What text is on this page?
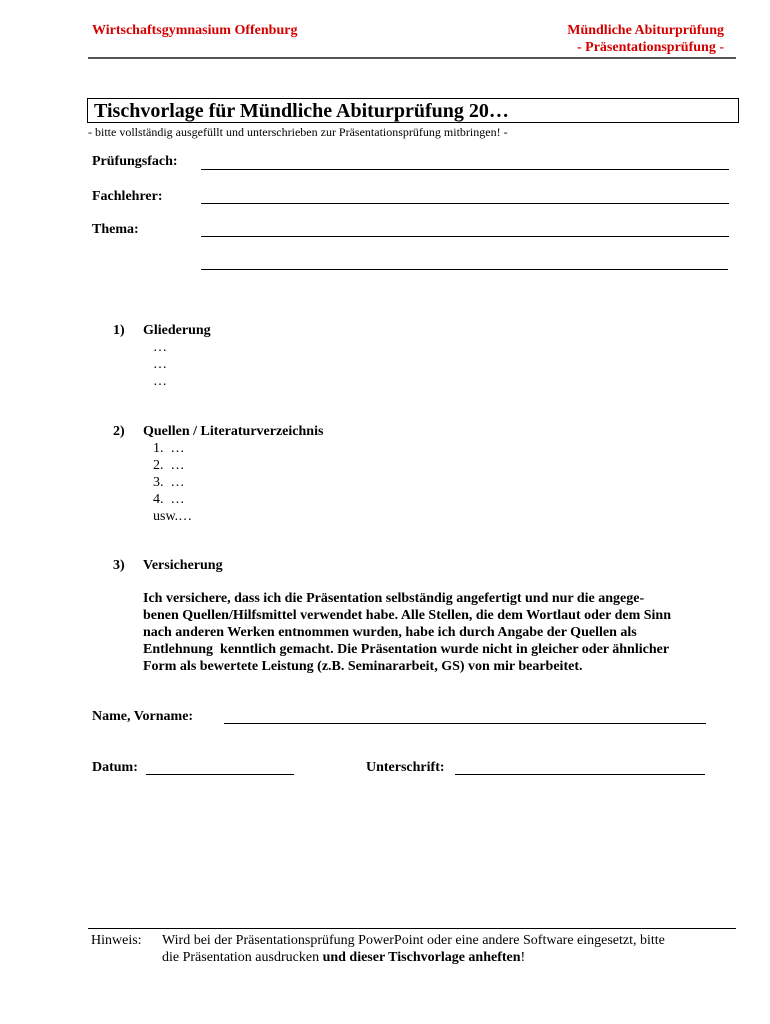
Wirtschaftsgymnasium Offenburg	Mündliche Abiturprüfung
- Präsentationsprüfung -
Tischvorlage für Mündliche Abiturprüfung 20…
- bitte vollständig ausgefüllt und unterschrieben zur Präsentationsprüfung mitbringen! -
Prüfungsfach:
Fachlehrer:
Thema:
1) Gliederung
…
…
…
2) Quellen / Literaturverzeichnis
1.  …
2.  …
3.  …
4.  …
usw.…
3) Versicherung
Ich versichere, dass ich die Präsentation selbständig angefertigt und nur die angege-
benen Quellen/Hilfsmittel verwendet habe. Alle Stellen, die dem Wortlaut oder dem Sinn
nach anderen Werken entnommen wurden, habe ich durch Angabe der Quellen als
Entlehnung  kenntlich gemacht. Die Präsentation wurde nicht in gleicher oder ähnlicher
Form als bewertete Leistung (z.B. Seminararbeit, GS) von mir bearbeitet.
Name, Vorname:
Datum:	Unterschrift:
Hinweis: Wird bei der Präsentationsprüfung PowerPoint oder eine andere Software eingesetzt, bitte
die Präsentation ausdrucken und dieser Tischvorlage anheften!
